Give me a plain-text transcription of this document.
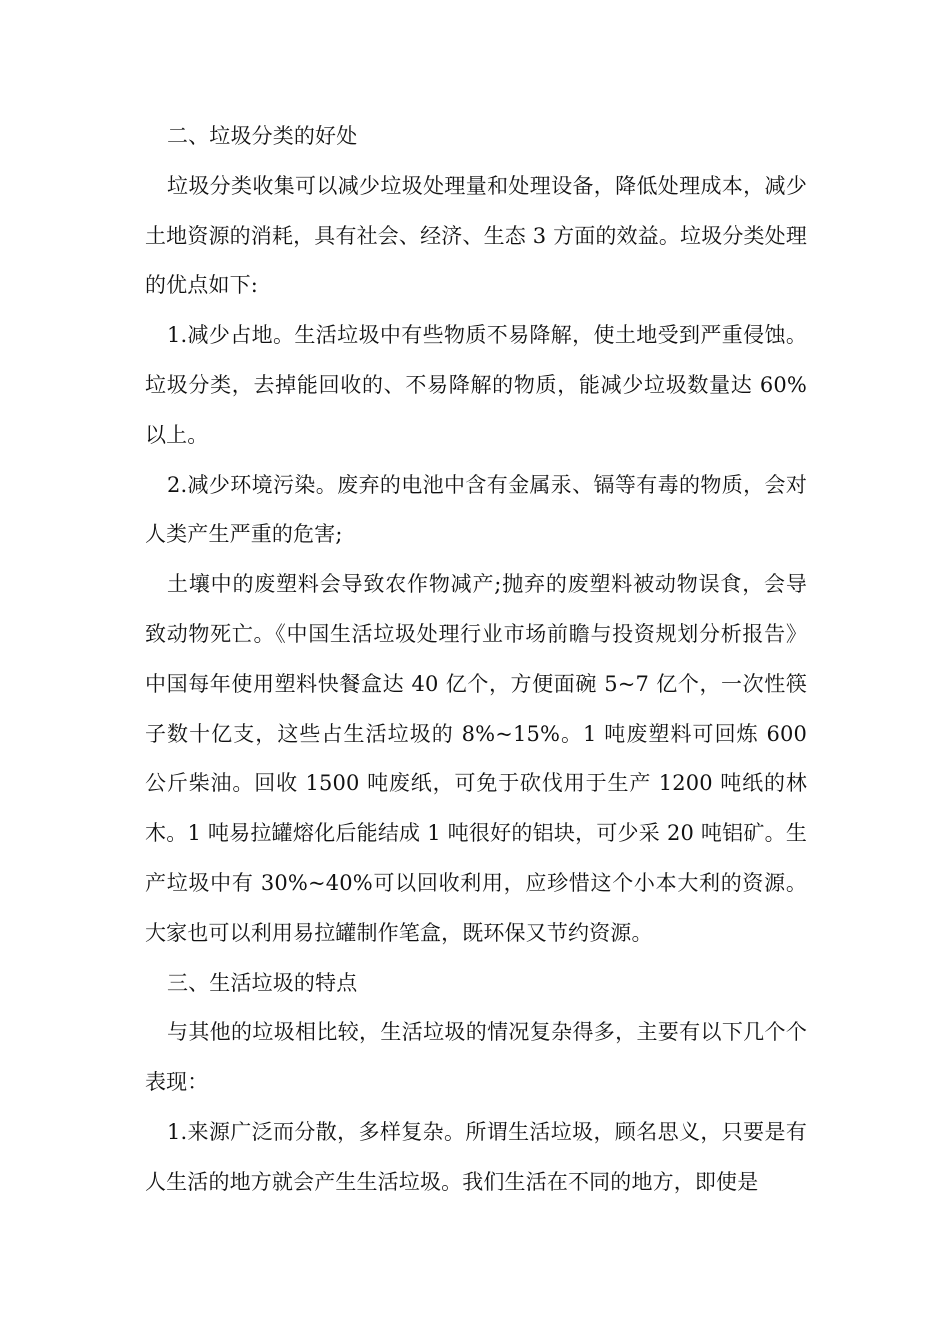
二、垃圾分类的好处

垃圾分类收集可以减少垃圾处理量和处理设备，降低处理成本，减少土地资源的消耗，具有社会、经济、生态 3 方面的效益。垃圾分类处理的优点如下:

1.减少占地。生活垃圾中有些物质不易降解，使土地受到严重侵蚀。垃圾分类，去掉能回收的、不易降解的物质，能减少垃圾数量达 60%以上。

2.减少环境污染。废弃的电池中含有金属汞、镉等有毒的物质，会对人类产生严重的危害;

土壤中的废塑料会导致农作物减产;抛弃的废塑料被动物误食，会导致动物死亡。《中国生活垃圾处理行业市场前瞻与投资规划分析报告》中国每年使用塑料快餐盒达 40 亿个，方便面碗 5~7 亿个，一次性筷子数十亿支，这些占生活垃圾的 8%~15%。1 吨废塑料可回炼 600 公斤柴油。回收 1500 吨废纸，可免于砍伐用于生产 1200 吨纸的林木。1 吨易拉罐熔化后能结成 1 吨很好的铝块，可少采 20 吨铝矿。生产垃圾中有 30%~40%可以回收利用，应珍惜这个小本大利的资源。大家也可以利用易拉罐制作笔盒，既环保又节约资源。

三、生活垃圾的特点

与其他的垃圾相比较，生活垃圾的情况复杂得多，主要有以下几个个表现：

1.来源广泛而分散，多样复杂。所谓生活垃圾，顾名思义，只要是有人生活的地方就会产生生活垃圾。我们生活在不同的地方，即使是
